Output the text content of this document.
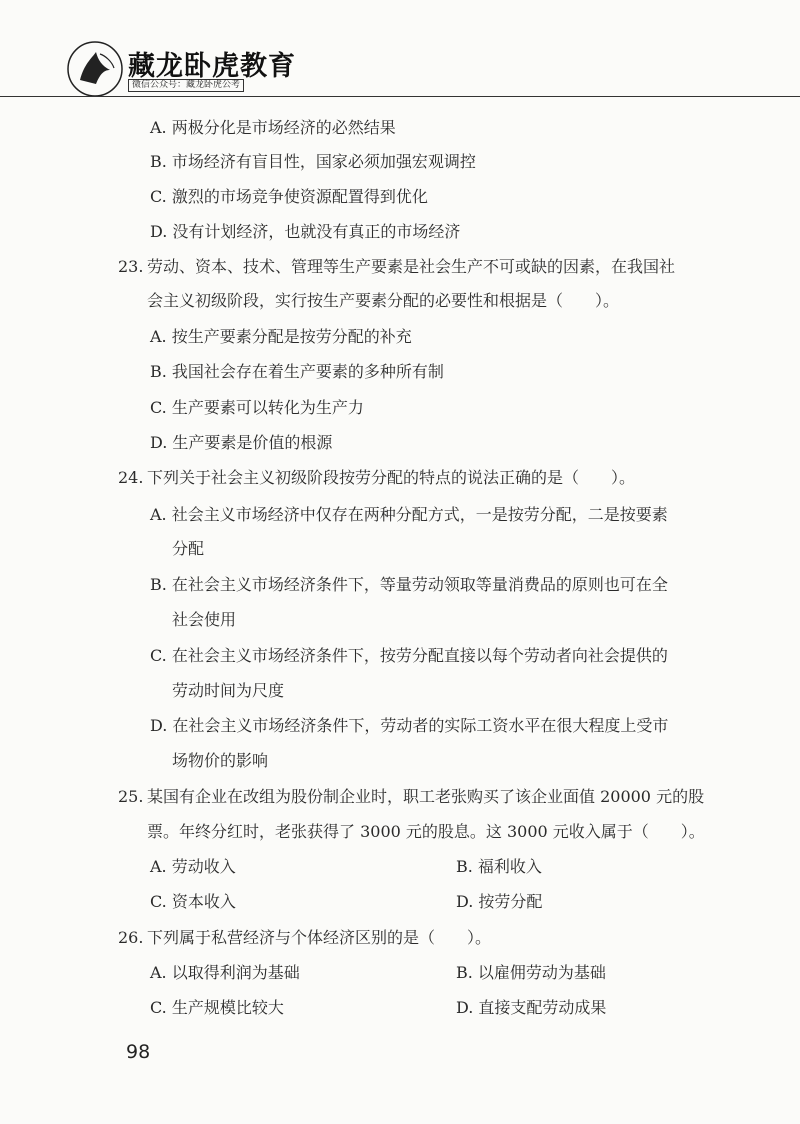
藏龙卧虎教育
微信公众号：藏龙卧虎公考
A. 两极分化是市场经济的必然结果
B. 市场经济有盲目性，国家必须加强宏观调控
C. 激烈的市场竞争使资源配置得到优化
D. 没有计划经济，也就没有真正的市场经济
23. 劳动、资本、技术、管理等生产要素是社会生产不可或缺的因素，在我国社
会主义初级阶段，实行按生产要素分配的必要性和根据是（　　）。
A. 按生产要素分配是按劳分配的补充
B. 我国社会存在着生产要素的多种所有制
C. 生产要素可以转化为生产力
D. 生产要素是价值的根源
24. 下列关于社会主义初级阶段按劳分配的特点的说法正确的是（　　）。
A. 社会主义市场经济中仅存在两种分配方式，一是按劳分配，二是按要素
分配
B. 在社会主义市场经济条件下，等量劳动领取等量消费品的原则也可在全
社会使用
C. 在社会主义市场经济条件下，按劳分配直接以每个劳动者向社会提供的
劳动时间为尺度
D. 在社会主义市场经济条件下，劳动者的实际工资水平在很大程度上受市
场物价的影响
25. 某国有企业在改组为股份制企业时，职工老张购买了该企业面值 20000 元的股
票。年终分红时，老张获得了 3000 元的股息。这 3000 元收入属于（　　）。
A. 劳动收入	B. 福利收入
C. 资本收入	D. 按劳分配
26. 下列属于私营经济与个体经济区别的是（　　）。
A. 以取得利润为基础	B. 以雇佣劳动为基础
C. 生产规模比较大	D. 直接支配劳动成果
98
